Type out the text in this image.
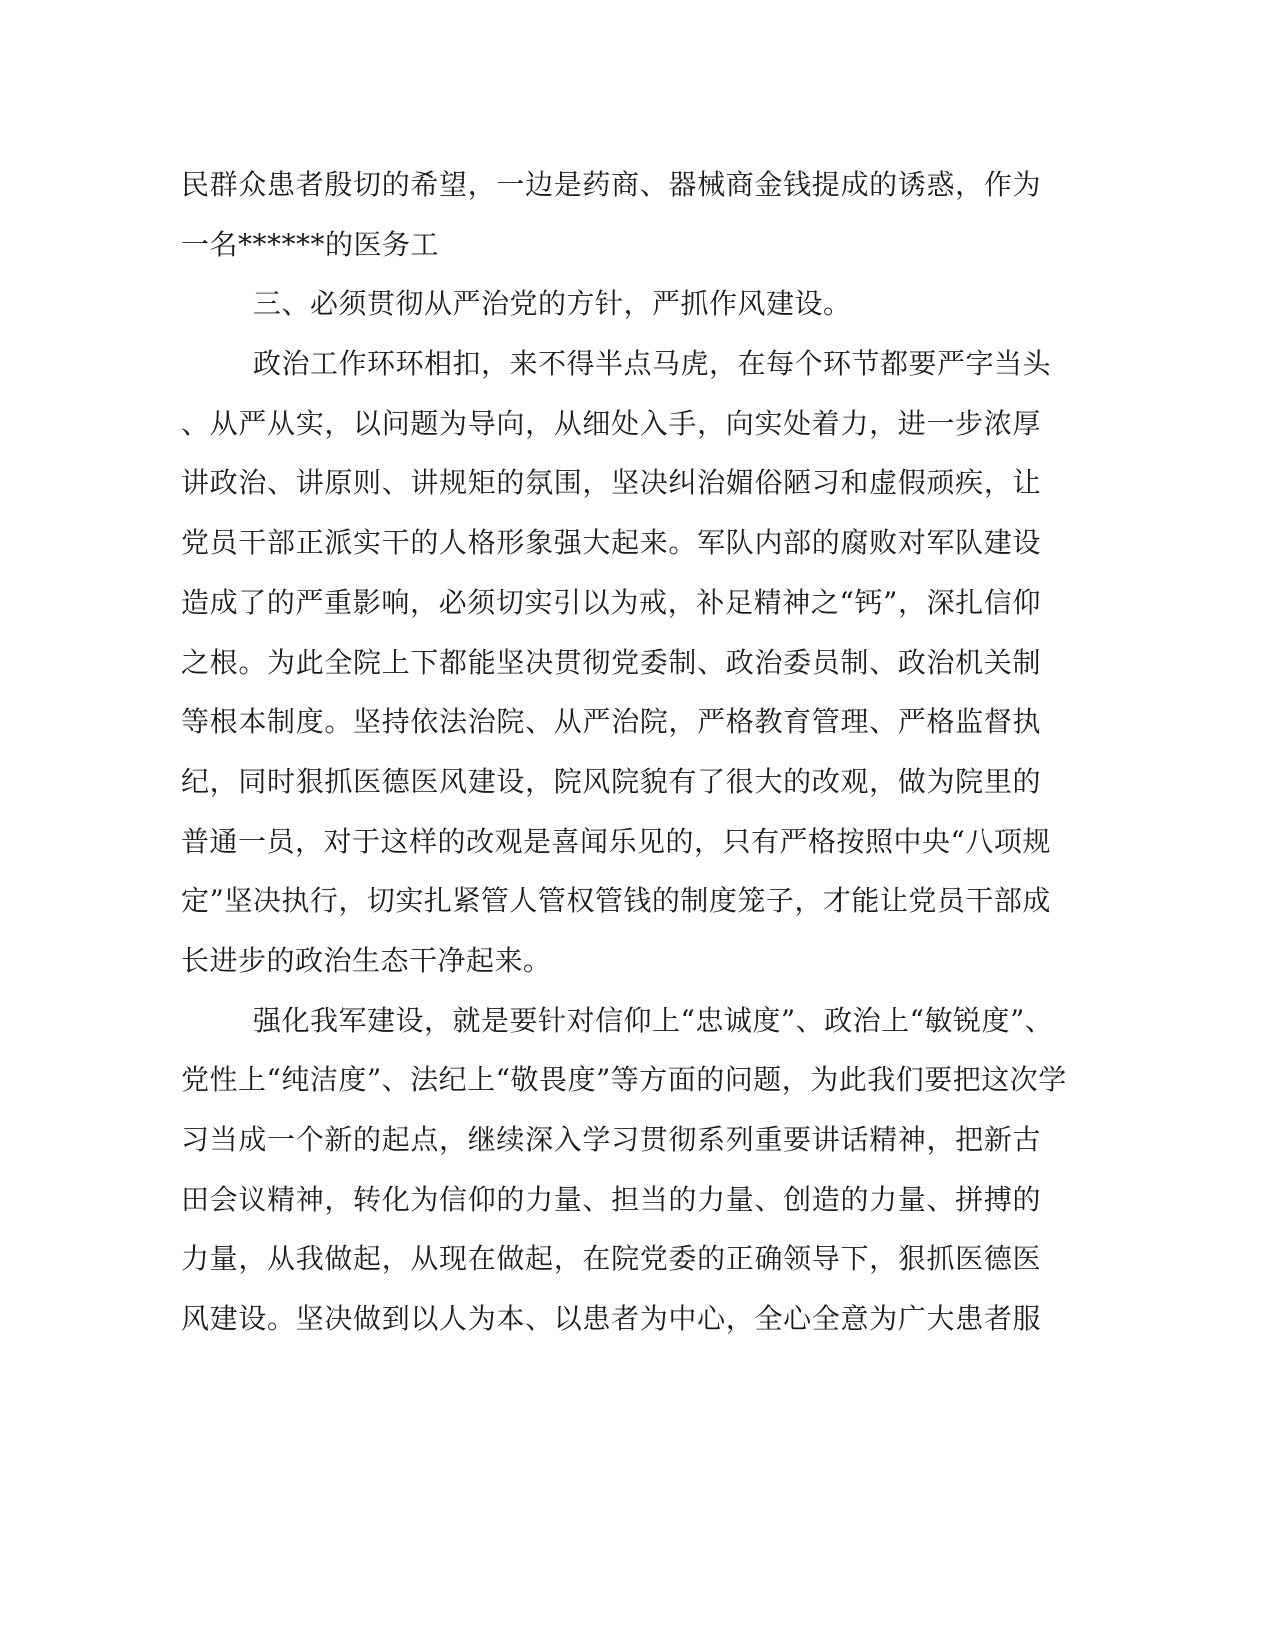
民群众患者殷切的希望，一边是药商、器械商金钱提成的诱惑，作为
一名******的医务工
三、必须贯彻从严治党的方针，严抓作风建设。
政治工作环环相扣，来不得半点马虎，在每个环节都要严字当头
、从严从实，以问题为导向，从细处入手，向实处着力，进一步浓厚
讲政治、讲原则、讲规矩的氛围，坚决纠治媚俗陋习和虚假顽疾，让
党员干部正派实干的人格形象强大起来。军队内部的腐败对军队建设
造成了的严重影响，必须切实引以为戒，补足精神之“钙”，深扎信仰
之根。为此全院上下都能坚决贯彻党委制、政治委员制、政治机关制
等根本制度。坚持依法治院、从严治院，严格教育管理、严格监督执
纪，同时狠抓医德医风建设，院风院貌有了很大的改观，做为院里的
普通一员，对于这样的改观是喜闻乐见的，只有严格按照中央“八项规
定”坚决执行，切实扎紧管人管权管钱的制度笼子，才能让党员干部成
长进步的政治生态干净起来。
强化我军建设，就是要针对信仰上“忠诚度”、政治上“敏锐度”、
党性上“纯洁度”、法纪上“敬畏度”等方面的问题，为此我们要把这次学
习当成一个新的起点，继续深入学习贯彻系列重要讲话精神，把新古
田会议精神，转化为信仰的力量、担当的力量、创造的力量、拼搏的
力量，从我做起，从现在做起，在院党委的正确领导下，狠抓医德医
风建设。坚决做到以人为本、以患者为中心，全心全意为广大患者服
